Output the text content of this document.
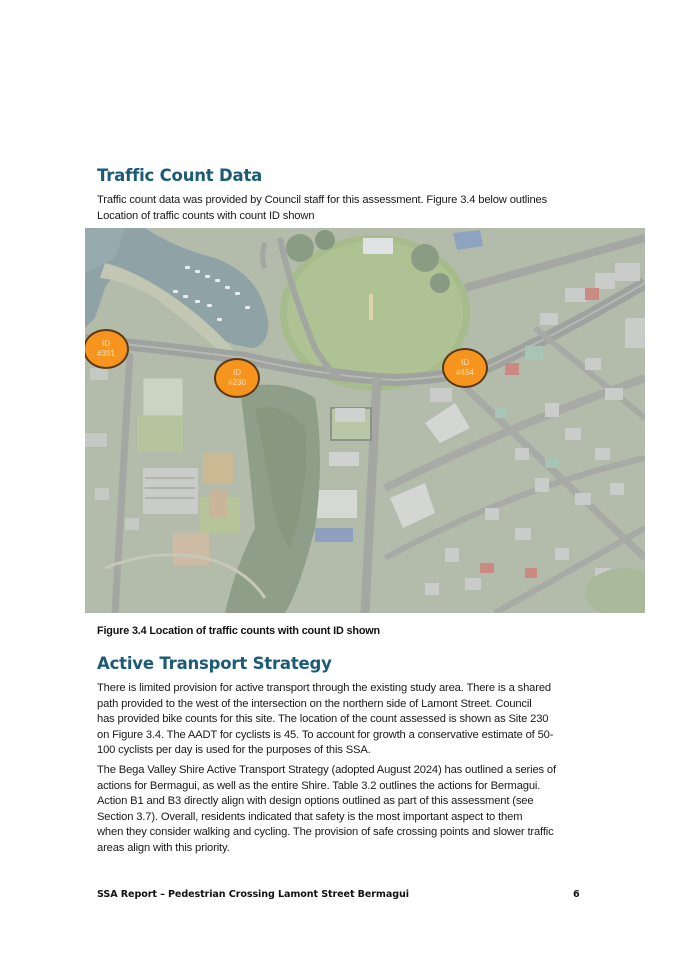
Traffic Count Data

Traffic count data was provided by Council staff for this assessment. Figure 3.4 below outlines
Location of traffic counts with count ID shown

ID
#391
ID
#230
ID
#454
Figure 3.4 Location of traffic counts with count ID shown
Active Transport Strategy

There is limited provision for active transport through the existing study area. There is a shared
path provided to the west of the intersection on the northern side of Lamont Street. Council
has provided bike counts for this site. The location of the count assessed is shown as Site 230
on Figure 3.4. The AADT for cyclists is 45. To account for growth a conservative estimate of 50-
100 cyclists per day is used for the purposes of this SSA.

The Bega Valley Shire Active Transport Strategy (adopted August 2024) has outlined a series of
actions for Bermagui, as well as the entire Shire. Table 3.2 outlines the actions for Bermagui.
Action B1 and B3 directly align with design options outlined as part of this assessment (see
Section 3.7). Overall, residents indicated that safety is the most important aspect to them
when they consider walking and cycling. The provision of safe crossing points and slower traffic
areas align with this priority.

SSA Report – Pedestrian Crossing Lamont Street Bermagui	6
